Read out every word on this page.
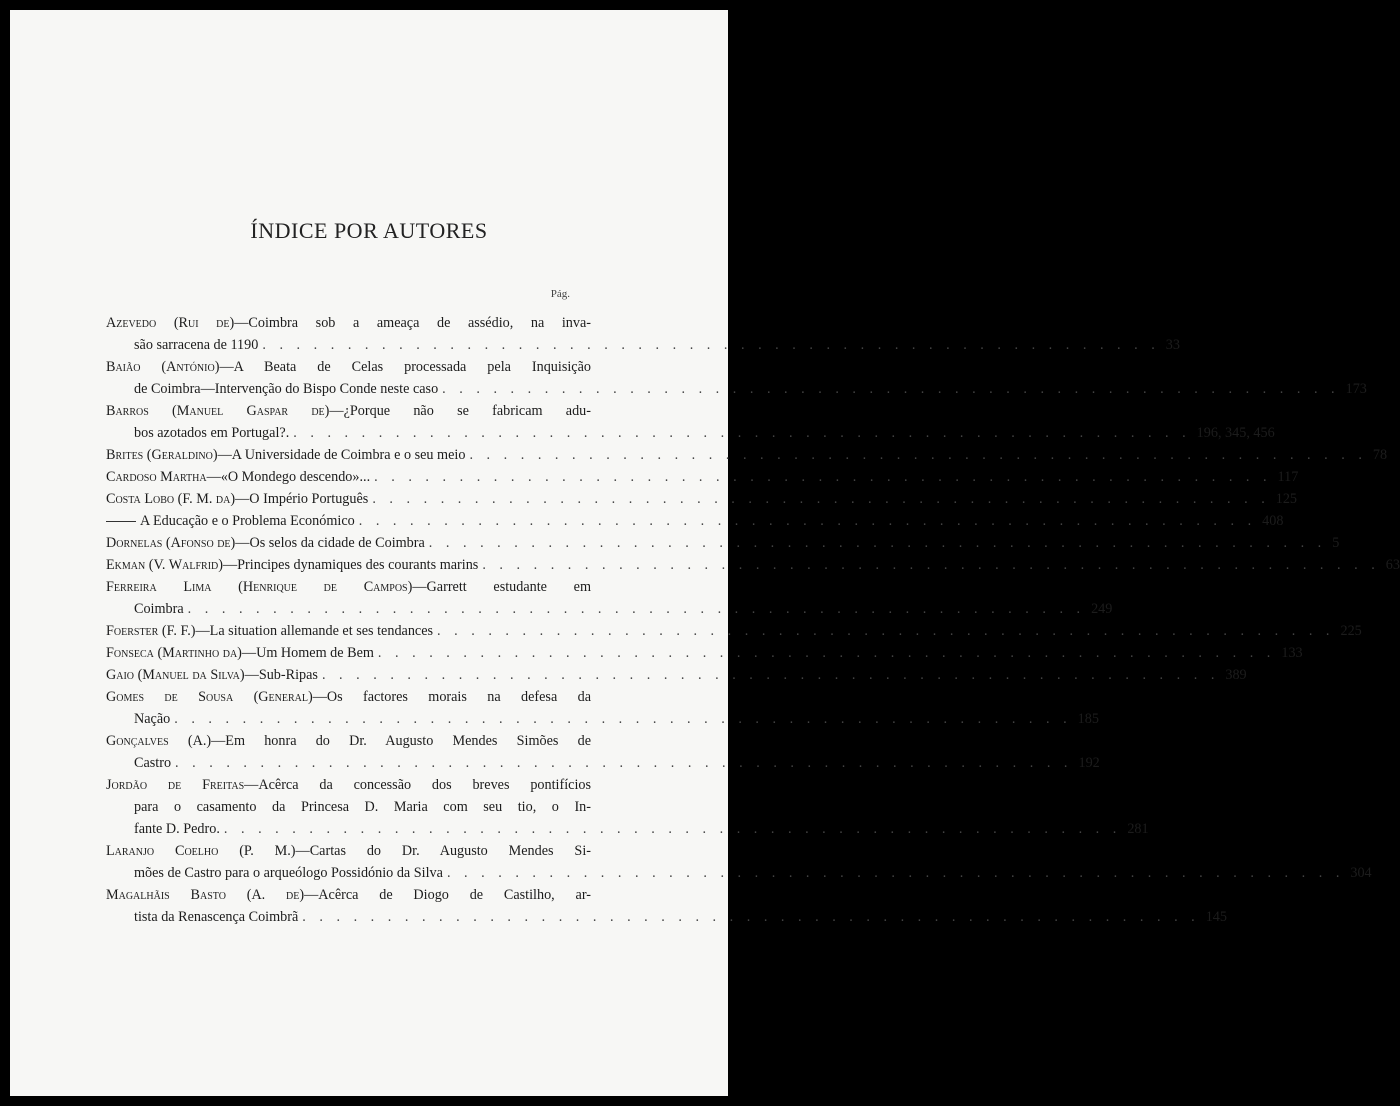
ÍNDICE POR AUTORES
Pág.
Azevedo (Rui de)—Coimbra sob a ameaça de assédio, na inva-
são sarracena de 1190 . . . . . . . . . . . . . . . . . . . . . . . . . . . . . . . . . . . . . . . . . . . . . . . . . . . . . 33
Baião (António)—A Beata de Celas processada pela Inquisição
de Coimbra—Intervenção do Bispo Conde neste caso . . . . . . . . . . . . . . . . . . . . . . . . . . . . . . . . . . . . . . . . . . . . . . . . . . . . . 173
Barros (Manuel Gaspar de)—¿Porque não se fabricam adu-
bos azotados em Portugal?. . . . . . . . . . . . . . . . . . . . . . . . . . . . . . . . . . . . . . . . . . . . . . . . . . . . . . 196, 345, 456
Brites (Geraldino)—A Universidade de Coimbra e o seu meio . . . . . . . . . . . . . . . . . . . . . . . . . . . . . . . . . . . . . . . . . . . . . . . . . . . . . 78
Cardoso Martha—«O Mondego descendo»... . . . . . . . . . . . . . . . . . . . . . . . . . . . . . . . . . . . . . . . . . . . . . . . . . . . . . 117
Costa Lobo (F. M. da)—O Império Português . . . . . . . . . . . . . . . . . . . . . . . . . . . . . . . . . . . . . . . . . . . . . . . . . . . . . 125
A Educação e o Problema Económico . . . . . . . . . . . . . . . . . . . . . . . . . . . . . . . . . . . . . . . . . . . . . . . . . . . . . 408
Dornelas (Afonso de)—Os selos da cidade de Coimbra . . . . . . . . . . . . . . . . . . . . . . . . . . . . . . . . . . . . . . . . . . . . . . . . . . . . . 5
Ekman (V. Walfrid)—Principes dynamiques des courants marins . . . . . . . . . . . . . . . . . . . . . . . . . . . . . . . . . . . . . . . . . . . . . . . . . . . . . 63
Ferreira Lima (Henrique de Campos)—Garrett estudante em
Coimbra . . . . . . . . . . . . . . . . . . . . . . . . . . . . . . . . . . . . . . . . . . . . . . . . . . . . . 249
Foerster (F. F.)—La situation allemande et ses tendances . . . . . . . . . . . . . . . . . . . . . . . . . . . . . . . . . . . . . . . . . . . . . . . . . . . . . 225
Fonseca (Martinho da)—Um Homem de Bem . . . . . . . . . . . . . . . . . . . . . . . . . . . . . . . . . . . . . . . . . . . . . . . . . . . . . 133
Gaio (Manuel da Silva)—Sub-Ripas . . . . . . . . . . . . . . . . . . . . . . . . . . . . . . . . . . . . . . . . . . . . . . . . . . . . . 389
Gomes de Sousa (General)—Os factores morais na defesa da
Nação . . . . . . . . . . . . . . . . . . . . . . . . . . . . . . . . . . . . . . . . . . . . . . . . . . . . . 185
Gonçalves (A.)—Em honra do Dr. Augusto Mendes Simões de
Castro . . . . . . . . . . . . . . . . . . . . . . . . . . . . . . . . . . . . . . . . . . . . . . . . . . . . . 192
Jordão de Freitas—Acêrca da concessão dos breves pontifícios
para o casamento da Princesa D. Maria com seu tio, o In-
fante D. Pedro. . . . . . . . . . . . . . . . . . . . . . . . . . . . . . . . . . . . . . . . . . . . . . . . . . . . . . 281
Laranjo Coelho (P. M.)—Cartas do Dr. Augusto Mendes Si-
mões de Castro para o arqueólogo Possidónio da Silva . . . . . . . . . . . . . . . . . . . . . . . . . . . . . . . . . . . . . . . . . . . . . . . . . . . . . 304
Magalhãis Basto (A. de)—Acêrca de Diogo de Castilho, ar-
tista da Renascença Coimbrã . . . . . . . . . . . . . . . . . . . . . . . . . . . . . . . . . . . . . . . . . . . . . . . . . . . . . 145
